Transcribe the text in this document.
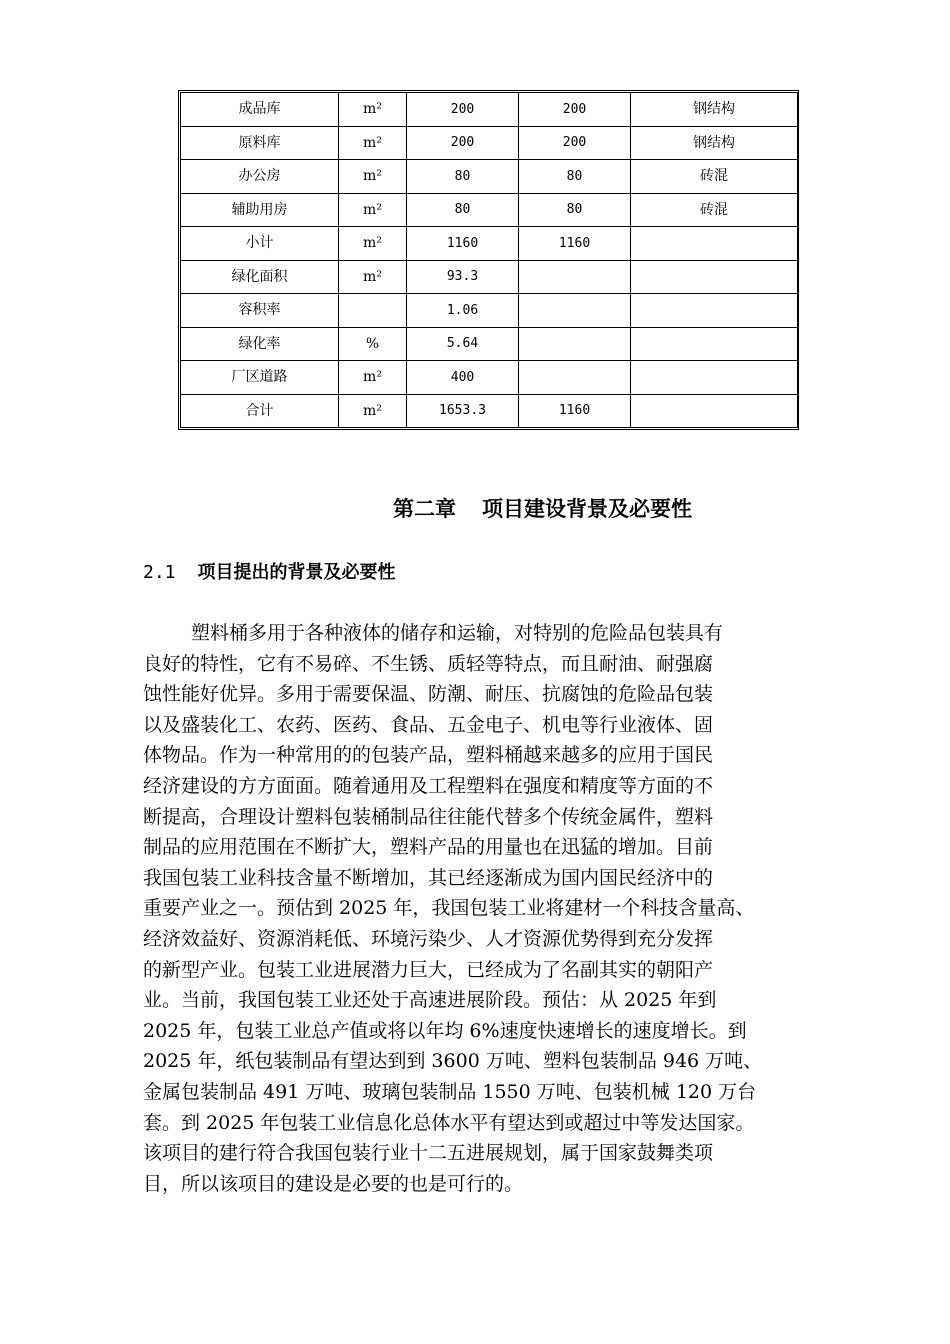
成品库	m²	200	200	钢结构
原料库	m²	200	200	钢结构
办公房	m²	80	80	砖混
辅助用房	m²	80	80	砖混
小计	m²	1160	1160	
绿化面积	m²	93.3		
容积率		1.06		
绿化率	%	5.64		
厂区道路	m²	400		
合计	m²	1653.3	1160	
第二章 项目建设背景及必要性
2.1 项目提出的背景及必要性
塑料桶多用于各种液体的储存和运输，对特别的危险品包装具有
良好的特性，它有不易碎、不生锈、质轻等特点，而且耐油、耐强腐
蚀性能好优异。多用于需要保温、防潮、耐压、抗腐蚀的危险品包装
以及盛装化工、农药、医药、食品、五金电子、机电等行业液体、固
体物品。作为一种常用的的包装产品，塑料桶越来越多的应用于国民
经济建设的方方面面。随着通用及工程塑料在强度和精度等方面的不
断提高，合理设计塑料包装桶制品往往能代替多个传统金属件，塑料
制品的应用范围在不断扩大，塑料产品的用量也在迅猛的增加。目前
我国包装工业科技含量不断增加，其已经逐渐成为国内国民经济中的
重要产业之一。预估到 2025 年，我国包装工业将建材一个科技含量高、
经济效益好、资源消耗低、环境污染少、人才资源优势得到充分发挥
的新型产业。包装工业进展潜力巨大，已经成为了名副其实的朝阳产
业。当前，我国包装工业还处于高速进展阶段。预估：从 2025 年到
2025 年，包装工业总产值或将以年均 6%速度快速增长的速度增长。到
2025 年，纸包装制品有望达到到 3600 万吨、塑料包装制品 946 万吨、
金属包装制品 491 万吨、玻璃包装制品 1550 万吨、包装机械 120 万台
套。到 2025 年包装工业信息化总体水平有望达到或超过中等发达国家。
该项目的建行符合我国包装行业十二五进展规划，属于国家鼓舞类项
目，所以该项目的建设是必要的也是可行的。
